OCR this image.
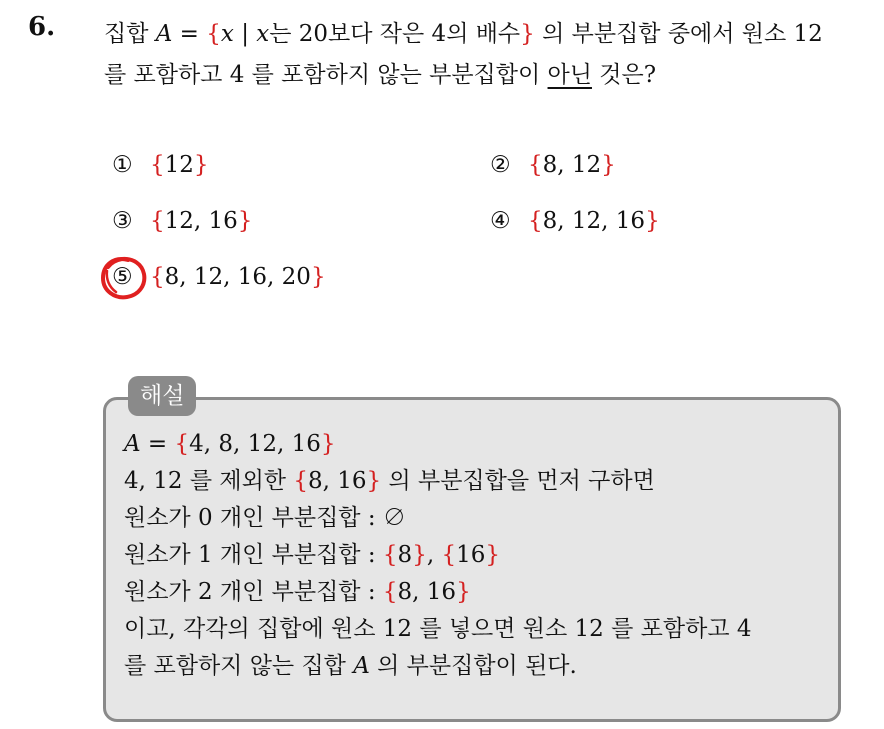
6. 집합 A = {x | x는 20보다 작은 4의 배수} 의 부분집합 중에서 원소 12
를 포함하고 4 를 포함하지 않는 부분집합이 아닌 것은?
① {12}	② {8, 12}
③ {12, 16}	④ {8, 12, 16}
⑤ {8, 12, 16, 20}
해설
A = {4, 8, 12, 16}
4, 12 를 제외한 {8, 16} 의 부분집합을 먼저 구하면
원소가 0 개인 부분집합 : ∅
원소가 1 개인 부분집합 : {8}, {16}
원소가 2 개인 부분집합 : {8, 16}
이고, 각각의 집합에 원소 12 를 넣으면 원소 12 를 포함하고 4
를 포함하지 않는 집합 A 의 부분집합이 된다.
